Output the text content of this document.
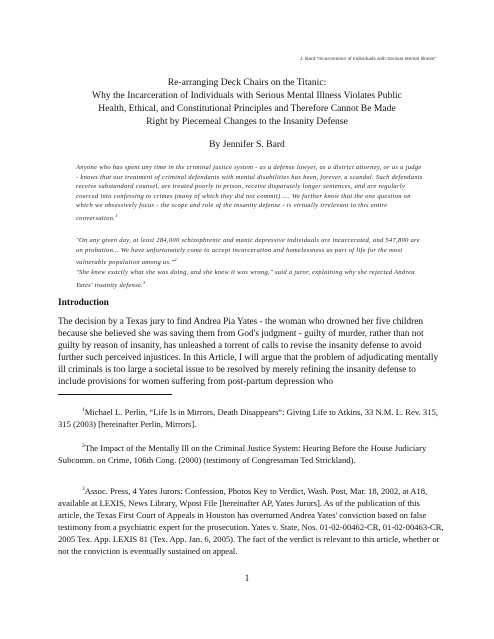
J. Bard "Incarceration of Individuals with Serious Mental Illness"
Re-arranging Deck Chairs on the Titanic:
Why the Incarceration of Individuals with Serious Mental Illness Violates Public
Health, Ethical, and Constitutional Principles and Therefore Cannot Be Made
Right by Piecemeal Changes to the Insanity Defense
By Jennifer S. Bard
Anyone who has spent any time in the criminal justice system - as a defense lawyer, as a district attorney, or as a judge - knows that our treatment of criminal defendants with mental disabilities has been, forever, a scandal. Such defendants receive substandard counsel, are treated poorly in prison, receive disparately longer sentences, and are regularly coerced into confessing to crimes (many of which they did not commit) .... We further know that the one question on which we obsessively focus - the scope and role of the insanity defense - is virtually irrelevant to this entire conversation.$^1$
"On any given day, at least 284,000 schizophrenic and manic depressive individuals are incarcerated, and 547,800 are on probation... We have unfortunately come to accept incarceration and homelessness as part of life for the most vulnerable population among us."$^2$
"She knew exactly what she was doing, and she knew it was wrong," said a juror, explaining why she rejected Andrea Yates' insanity defense.$^3$
Introduction
The decision by a Texas jury to find Andrea Pia Yates - the woman who drowned her five children because she believed she was saving them from God's judgment - guilty of murder, rather than not guilty by reason of insanity, has unleashed a torrent of calls to revise the insanity defense to avoid further such perceived injustices. In this Article, I will argue that the problem of adjudicating mentally ill criminals is too large a societal issue to be resolved by merely refining the insanity defense to include provisions for women suffering from post-partum depression who
$^1$Michael L. Perlin, “Life Is in Mirrors, Death Disappears”: Giving Life to Atkins, 33 N.M. L. Rev. 315, 315 (2003) [hereinafter Perlin, Mirrors].
$^2$The Impact of the Mentally Ill on the Criminal Justice System: Hearing Before the House Judiciary Subcomm. on Crime, 106th Cong. (2000) (testimony of Congressman Ted Strickland).
$^3$Assoc. Press, 4 Yates Jurors: Confession, Photos Key to Verdict, Wash. Post, Mar. 18, 2002, at A18, available at LEXIS, News Library, Wpost File [hereinafter AP, Yates Jurors]. As of the publication of this article, the Texas First Court of Appeals in Houston has overturned Andrea Yates' conviction based on false testimony from a psychiatric expert for the prosecution. Yates v. State, Nos. 01-02-00462-CR, 01-02-00463-CR, 2005 Tex. App. LEXIS 81 (Tex. App. Jan. 6, 2005). The fact of the verdict is relevant to this article, whether or not the conviction is eventually sustained on appeal.
1
